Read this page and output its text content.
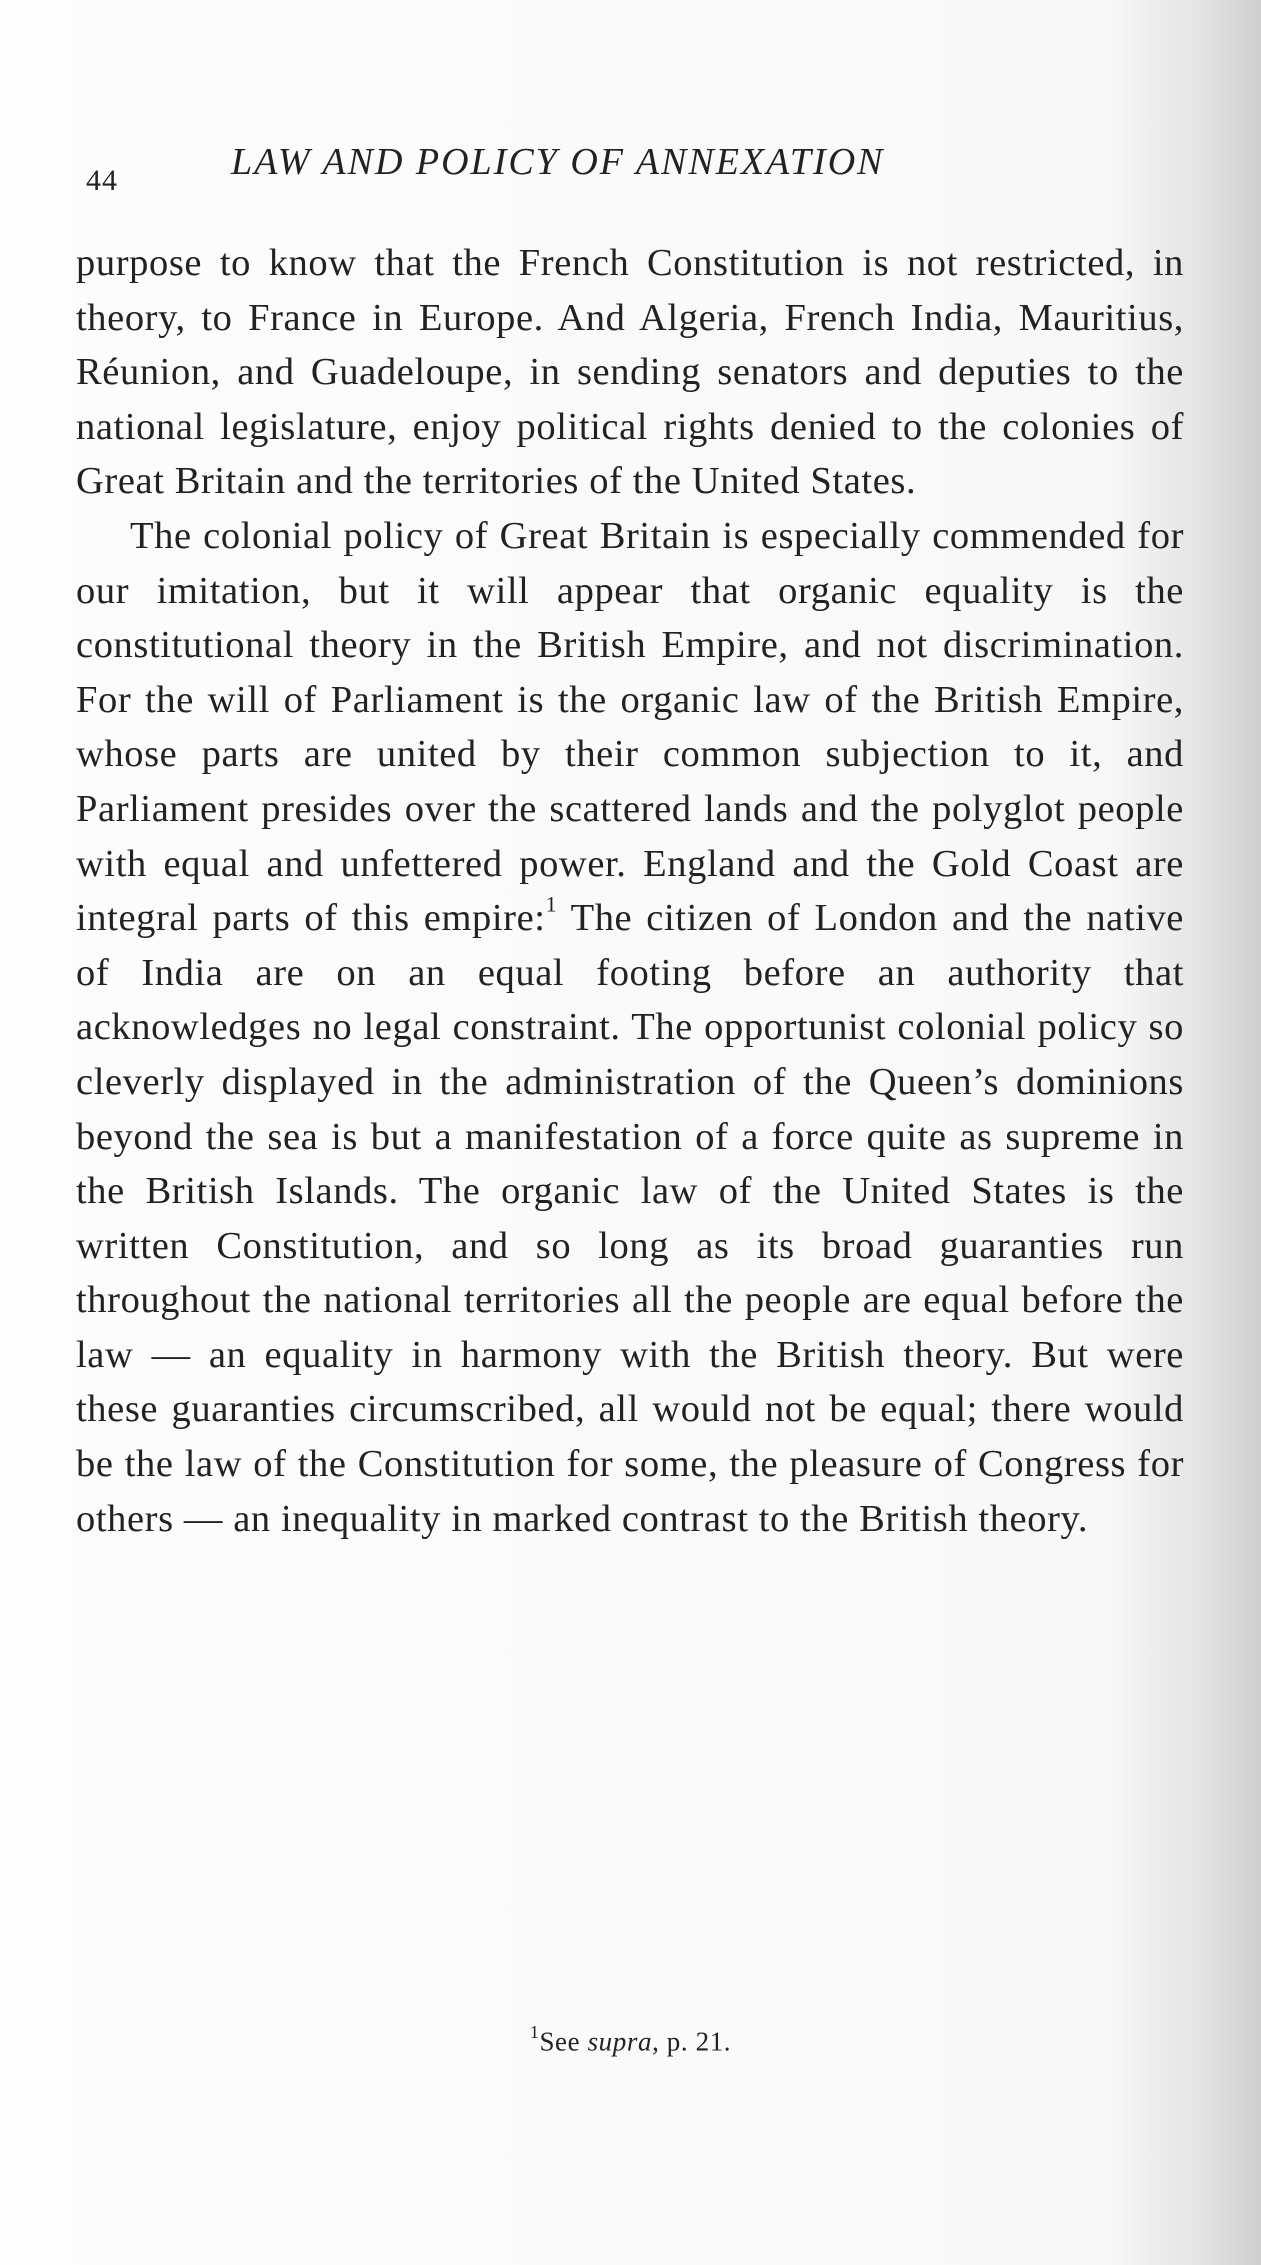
44	LAW AND POLICY OF ANNEXATION

purpose to know that the French Constitution is not restricted, in theory, to France in Europe. And Algeria, French India, Mauritius, Réunion, and Guadeloupe, in sending senators and deputies to the national legislature, enjoy political rights denied to the colonies of Great Britain and the territories of the United States.

The colonial policy of Great Britain is especially commended for our imitation, but it will appear that organic equality is the constitutional theory in the British Empire, and not discrimination. For the will of Parliament is the organic law of the British Empire, whose parts are united by their common subjection to it, and Parliament presides over the scattered lands and the polyglot people with equal and unfettered power. England and the Gold Coast are integral parts of this empire:$^1$ The citizen of London and the native of India are on an equal footing before an authority that acknowledges no legal constraint. The opportunist colonial policy so cleverly displayed in the administration of the Queen’s dominions beyond the sea is but a manifestation of a force quite as supreme in the British Islands. The organic law of the United States is the written Constitution, and so long as its broad guaranties run throughout the national territories all the people are equal before the law — an equality in harmony with the British theory. But were these guaranties circumscribed, all would not be equal; there would be the law of the Constitution for some, the pleasure of Congress for others — an inequality in marked contrast to the British theory.

$^1$See supra, p. 21.
